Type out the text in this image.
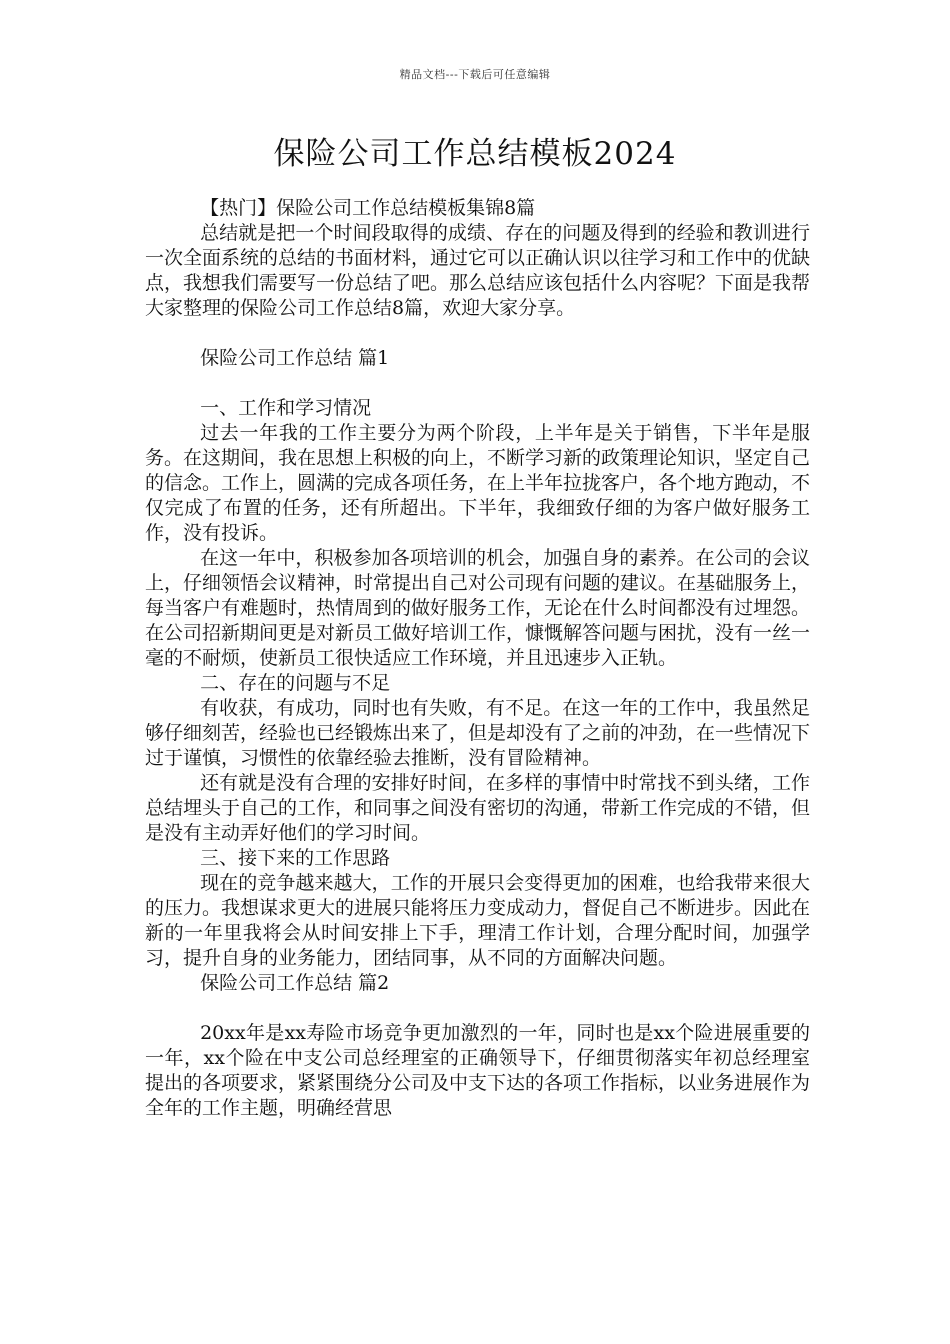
精品文档---下载后可任意编辑
保险公司工作总结模板2024

【热门】保险公司工作总结模板集锦8篇

总结就是把一个时间段取得的成绩、存在的问题及得到的经验和教训进行一次全面系统的总结的书面材料，通过它可以正确认识以往学习和工作中的优缺点，我想我们需要写一份总结了吧。那么总结应该包括什么内容呢？下面是我帮大家整理的保险公司工作总结8篇，欢迎大家分享。

保险公司工作总结 篇1

一、工作和学习情况

过去一年我的工作主要分为两个阶段，上半年是关于销售，下半年是服务。在这期间，我在思想上积极的向上，不断学习新的政策理论知识，坚定自己的信念。工作上，圆满的完成各项任务，在上半年拉拢客户，各个地方跑动，不仅完成了布置的任务，还有所超出。下半年，我细致仔细的为客户做好服务工作，没有投诉。

在这一年中，积极参加各项培训的机会，加强自身的素养。在公司的会议上，仔细领悟会议精神，时常提出自己对公司现有问题的建议。在基础服务上，每当客户有难题时，热情周到的做好服务工作，无论在什么时间都没有过埋怨。在公司招新期间更是对新员工做好培训工作，慷慨解答问题与困扰，没有一丝一毫的不耐烦，使新员工很快适应工作环境，并且迅速步入正轨。

二、存在的问题与不足

有收获，有成功，同时也有失败，有不足。在这一年的工作中，我虽然足够仔细刻苦，经验也已经锻炼出来了，但是却没有了之前的冲劲，在一些情况下过于谨慎，习惯性的依靠经验去推断，没有冒险精神。

还有就是没有合理的安排好时间，在多样的事情中时常找不到头绪，工作总结埋头于自己的工作，和同事之间没有密切的沟通，带新工作完成的不错，但是没有主动弄好他们的学习时间。

三、接下来的工作思路

现在的竞争越来越大，工作的开展只会变得更加的困难，也给我带来很大的压力。我想谋求更大的进展只能将压力变成动力，督促自己不断进步。因此在新的一年里我将会从时间安排上下手，理清工作计划，合理分配时间，加强学习，提升自身的业务能力，团结同事，从不同的方面解决问题。

保险公司工作总结 篇2

20xx年是xx寿险市场竞争更加激烈的一年，同时也是xx个险进展重要的一年，xx个险在中支公司总经理室的正确领导下，仔细贯彻落实年初总经理室提出的各项要求，紧紧围绕分公司及中支下达的各项工作指标，以业务进展作为全年的工作主题，明确经营思
